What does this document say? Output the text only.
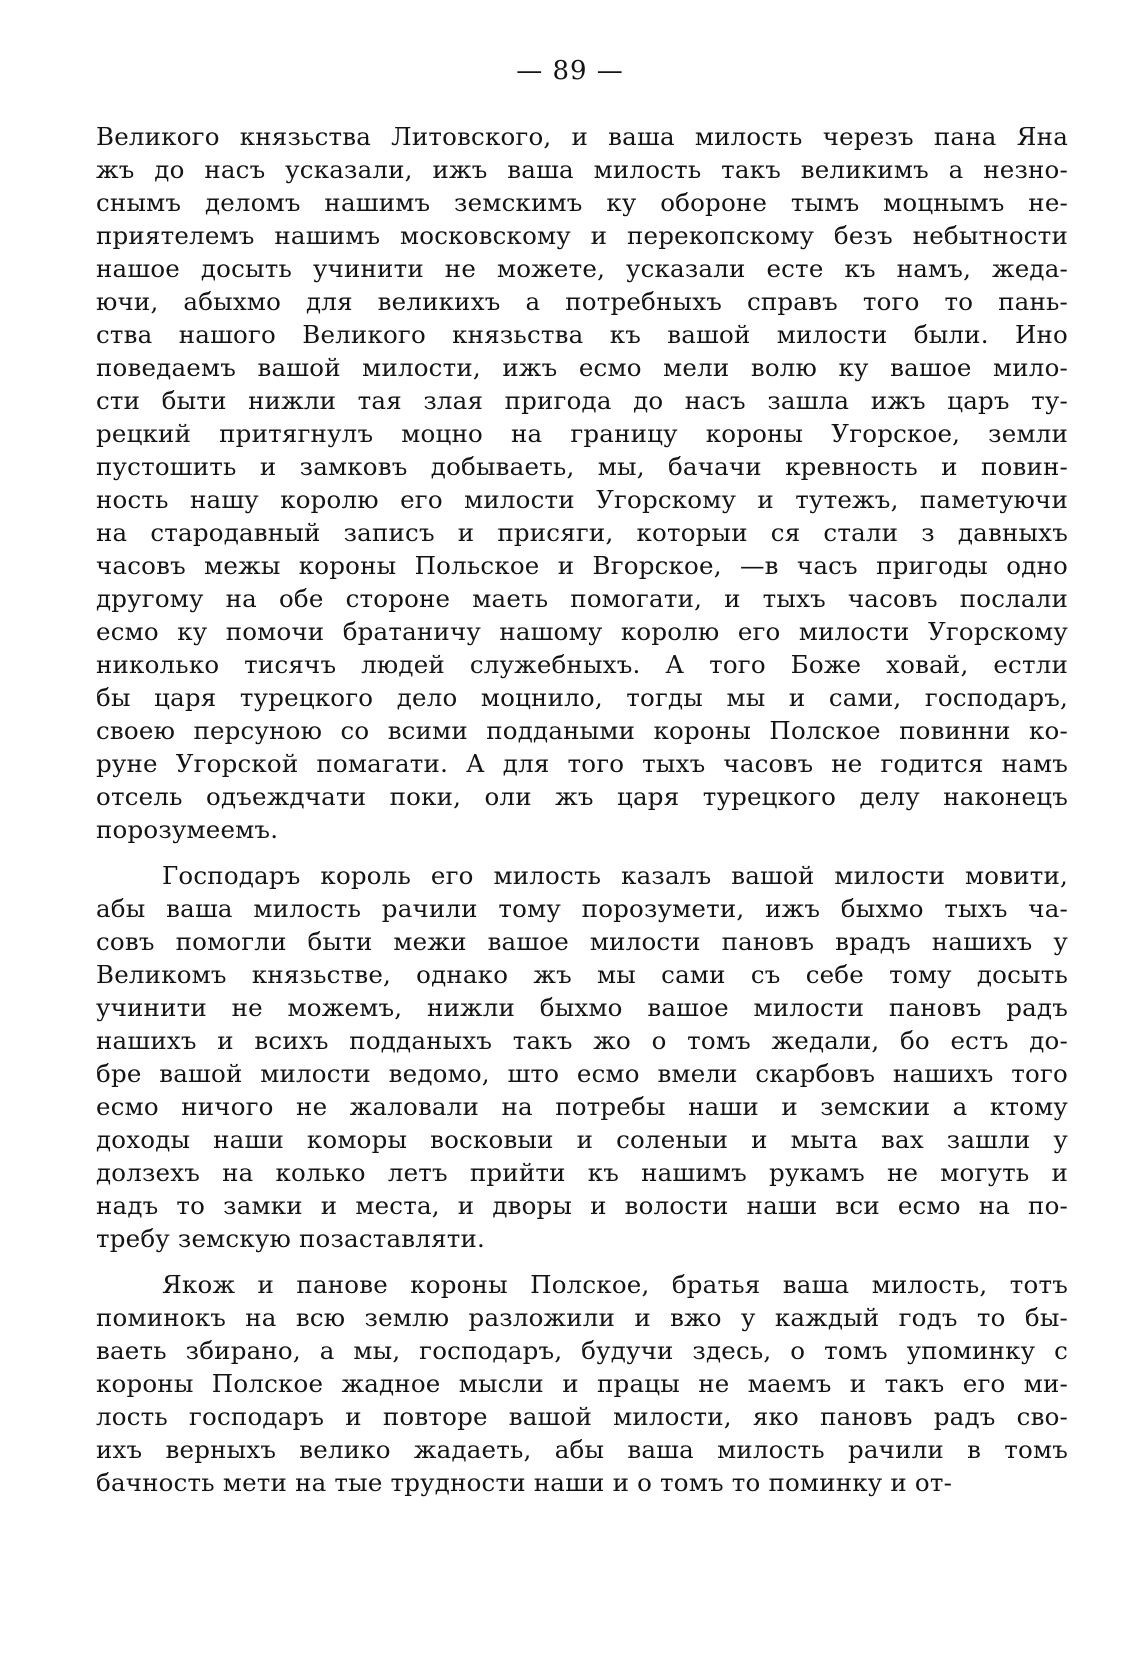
— 89 —
Великого князьства Литовского, и ваша милость черезъ пана Яна
жъ до насъ усказали, ижъ ваша милость такъ великимъ а незно-
снымъ деломъ нашимъ земскимъ ку обороне тымъ моцнымъ не-
приятелемъ нашимъ московскому и перекопскому безъ небытности
нашое досыть учинити не можете, усказали есте къ намъ, жеда-
ючи, абыхмо для великихъ а потребныхъ справъ того то пань-
ства нашого Великого князьства къ вашой милости были. Ино
поведаемъ вашой милости, ижъ есмо мели волю ку вашое мило-
сти быти нижли тая злая пригода до насъ зашла ижъ царъ ту-
рецкий притягнулъ моцно на границу короны Угорское, земли
пустошить и замковъ добываеть, мы, бачачи кревность и повин-
ность нашу королю его милости Угорскому и тутежъ, паметуючи
на стародавный записъ и присяги, которыи ся стали з давныхъ
часовъ межы короны Польское и Вгорское, —в часъ пригоды одно
другому на обе стороне маеть помогати, и тыхъ часовъ послали
есмо ку помочи братаничу нашому королю его милости Угорскому
николько тисячъ людей служебныхъ. А того Боже ховай, естли
бы царя турецкого дело моцнило, тогды мы и сами, господаръ,
своею персуною со всими поддаными короны Полское повинни ко-
руне Угорской помагати. А для того тыхъ часовъ не годится намъ
отсель одъеждчати поки, оли жъ царя турецкого делу наконецъ
порозумеемъ.
Господаръ король его милость казалъ вашой милости мовити,
абы ваша милость рачили тому порозумети, ижъ быхмо тыхъ ча-
совъ помогли быти межи вашое милости пановъ врадъ нашихъ у
Великомъ князьстве, однако жъ мы сами съ себе тому досыть
учинити не можемъ, нижли быхмо вашое милости пановъ радъ
нашихъ и всихъ подданыхъ такъ жо о томъ жедали, бо естъ до-
бре вашой милости ведомо, што есмо вмели скарбовъ нашихъ того
есмо ничого не жаловали на потребы наши и земскии а ктому
доходы наши коморы восковыи и соленыи и мыта вах зашли у
долзехъ на колько летъ прийти къ нашимъ рукамъ не могуть и
надъ то замки и места, и дворы и волости наши вси есмо на по-
требу земскую позаставляти.
Якож и панове короны Полское, братья ваша милость, тотъ
поминокъ на всю землю разложили и вжо у каждый годъ то бы-
ваеть збирано, а мы, господаръ, будучи здесь, о томъ упоминку с
короны Полское жадное мысли и працы не маемъ и такъ его ми-
лость господаръ и повторе вашой милости, яко пановъ радъ сво-
ихъ верныхъ велико жадаеть, абы ваша милость рачили в томъ
бачность мети на тые трудности наши и о томъ то поминку и от-
